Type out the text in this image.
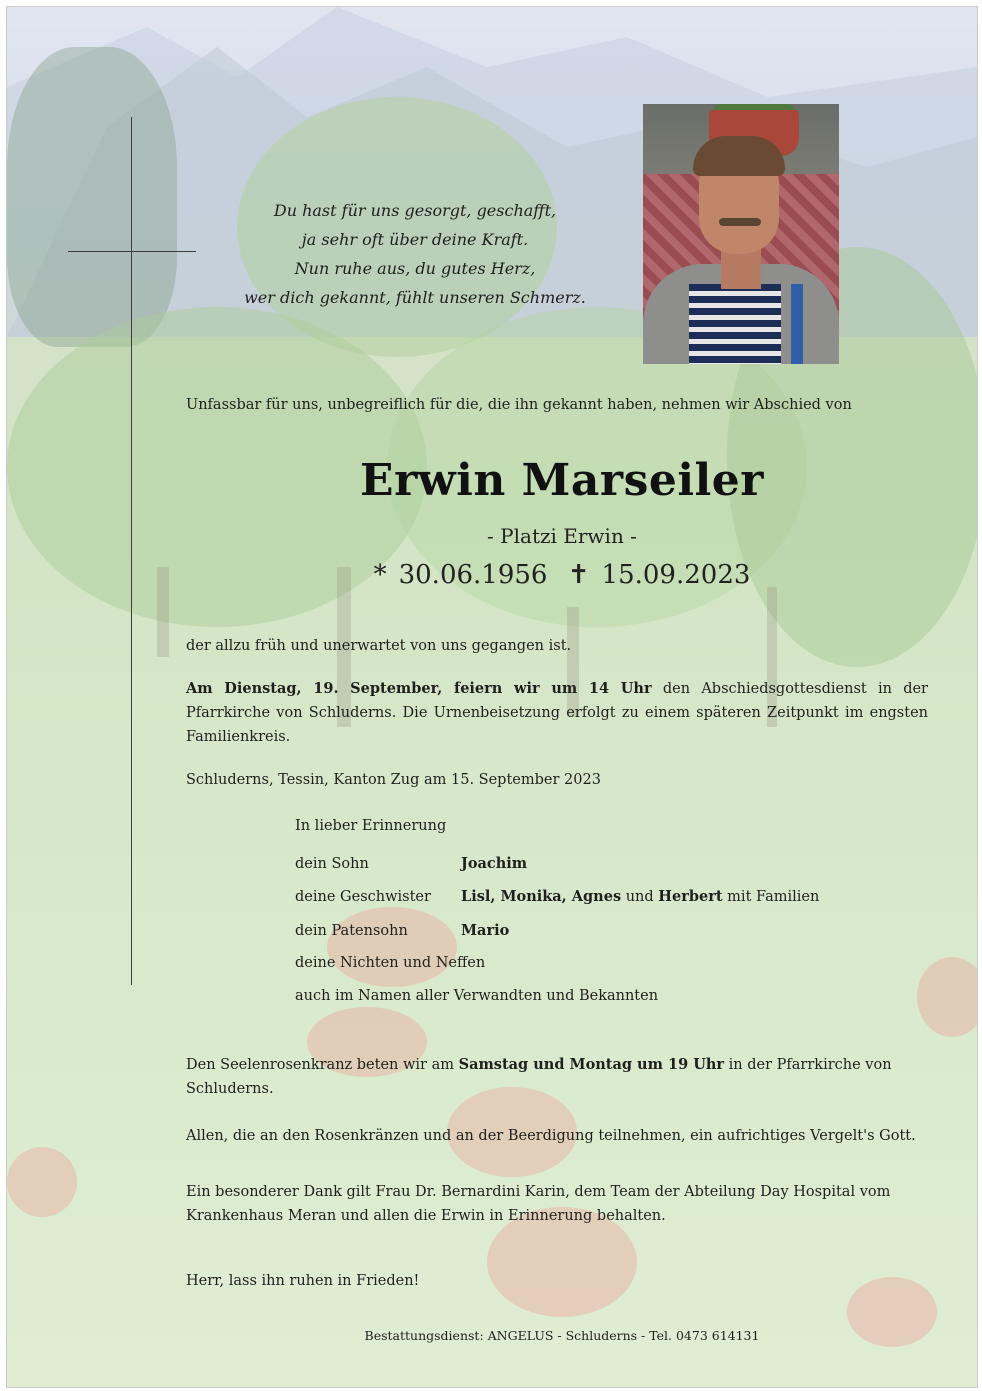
Du hast für uns gesorgt, geschafft,
ja sehr oft über deine Kraft.
Nun ruhe aus, du gutes Herz,
wer dich gekannt, fühlt unseren Schmerz.
Unfassbar für uns, unbegreiflich für die, die ihn gekannt haben, nehmen wir Abschied von
Erwin Marseiler
- Platzi Erwin -
* 30.06.1956 ✝ 15.09.2023
der allzu früh und unerwartet von uns gegangen ist.
Am Dienstag, 19. September, feiern wir um 14 Uhr den Abschiedsgottesdienst in der Pfarrkirche von Schluderns. Die Urnenbeisetzung erfolgt zu einem späteren Zeitpunkt im engsten Familienkreis.
Schluderns, Tessin, Kanton Zug am 15. September 2023
In lieber Erinnerung
dein Sohn	Joachim
deine Geschwister Lisl, Monika, Agnes und Herbert mit Familien
dein Patensohn	Mario
deine Nichten und Neffen
auch im Namen aller Verwandten und Bekannten
Den Seelenrosenkranz beten wir am Samstag und Montag um 19 Uhr in der Pfarrkirche von Schluderns.
Allen, die an den Rosenkränzen und an der Beerdigung teilnehmen, ein aufrichtiges Vergelt's Gott.
Ein besonderer Dank gilt Frau Dr. Bernardini Karin, dem Team der Abteilung Day Hospital vom Krankenhaus Meran und allen die Erwin in Erinnerung behalten.
Herr, lass ihn ruhen in Frieden!
Bestattungsdienst: ANGELUS - Schluderns - Tel. 0473 614131
